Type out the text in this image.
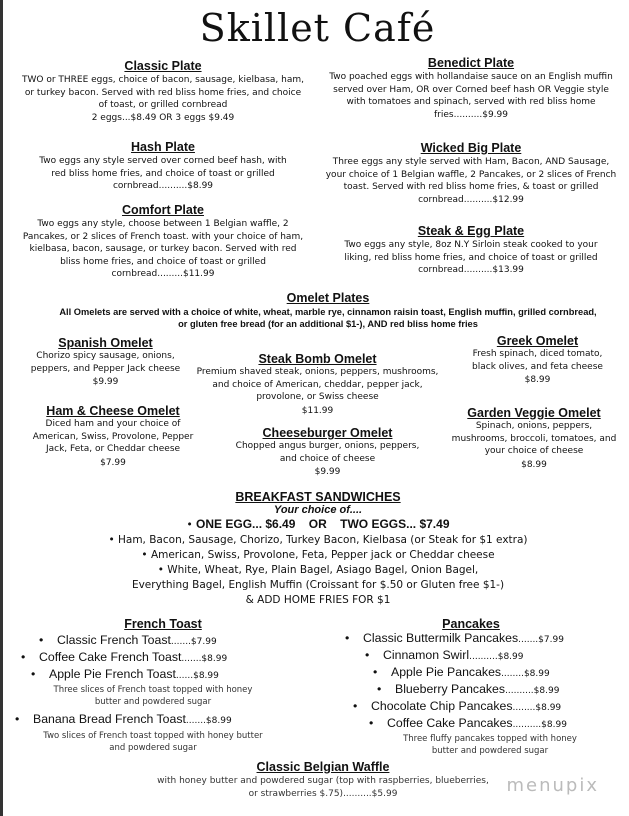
Skillet Café
Classic Plate
TWO or THREE eggs, choice of bacon, sausage, kielbasa, ham, or turkey bacon. Served with red bliss home fries, and choice of toast, or grilled cornbread
2 eggs...$8.49 OR 3 eggs $9.49
Hash Plate
Two eggs any style served over corned beef hash, with red bliss home fries, and choice of toast or grilled cornbread..........$8.99
Comfort Plate
Two eggs any style, choose between 1 Belgian waffle, 2 Pancakes, or 2 slices of French toast. with your choice of ham, kielbasa, bacon, sausage, or turkey bacon. Served with red bliss home fries, and choice of toast or grilled cornbread.........$11.99
Benedict Plate
Two poached eggs with hollandaise sauce on an English muffin served over Ham, OR over Corned beef hash OR Veggie style with tomatoes and spinach, served with red bliss home fries..........$9.99
Wicked Big Plate
Three eggs any style served with Ham, Bacon, AND Sausage, your choice of 1 Belgian waffle, 2 Pancakes, or 2 slices of French toast. Served with red bliss home fries, & toast or grilled cornbread..........$12.99
Steak & Egg Plate
Two eggs any style, 8oz N.Y Sirloin steak cooked to your liking, red bliss home fries, and choice of toast or grilled cornbread..........$13.99
Omelet Plates
All Omelets are served with a choice of white, wheat, marble rye, cinnamon raisin toast, English muffin, grilled cornbread, or gluten free bread (for an additional $1-), AND red bliss home fries
Spanish Omelet
Chorizo spicy sausage, onions, peppers, and Pepper Jack cheese
$9.99
Steak Bomb Omelet
Premium shaved steak, onions, peppers, mushrooms, and choice of American, cheddar, pepper jack, provolone, or Swiss cheese
$11.99
Greek Omelet
Fresh spinach, diced tomato, black olives, and feta cheese
$8.99
Ham & Cheese Omelet
Diced ham and your choice of American, Swiss, Provolone, Pepper Jack, Feta, or Cheddar cheese
$7.99
Cheeseburger Omelet
Chopped angus burger, onions, peppers, and choice of cheese
$9.99
Garden Veggie Omelet
Spinach, onions, peppers, mushrooms, broccoli, tomatoes, and your choice of cheese
$8.99
BREAKFAST SANDWICHES
Your choice of....
• ONE EGG... $6.49 OR TWO EGGS... $7.49
• Ham, Bacon, Sausage, Chorizo, Turkey Bacon, Kielbasa (or Steak for $1 extra)
• American, Swiss, Provolone, Feta, Pepper jack or Cheddar cheese
• White, Wheat, Rye, Plain Bagel, Asiago Bagel, Onion Bagel,
Everything Bagel, English Muffin (Croissant for $.50 or Gluten free $1-)
& ADD HOME FRIES FOR $1
French Toast
• Classic French Toast.......$7.99
• Coffee Cake French Toast.......$8.99
• Apple Pie French Toast......$8.99
Three slices of French toast topped with honey butter and powdered sugar
• Banana Bread French Toast.......$8.99
Two slices of French toast topped with honey butter and powdered sugar
Pancakes
• Classic Buttermilk Pancakes.......$7.99
• Cinnamon Swirl..........$8.99
• Apple Pie Pancakes........$8.99
• Blueberry Pancakes..........$8.99
• Chocolate Chip Pancakes........$8.99
• Coffee Cake Pancakes..........$8.99
Three fluffy pancakes topped with honey butter and powdered sugar
Classic Belgian Waffle
with honey butter and powdered sugar (top with raspberries, blueberries, or strawberries $.75)..........$5.99	menupix
